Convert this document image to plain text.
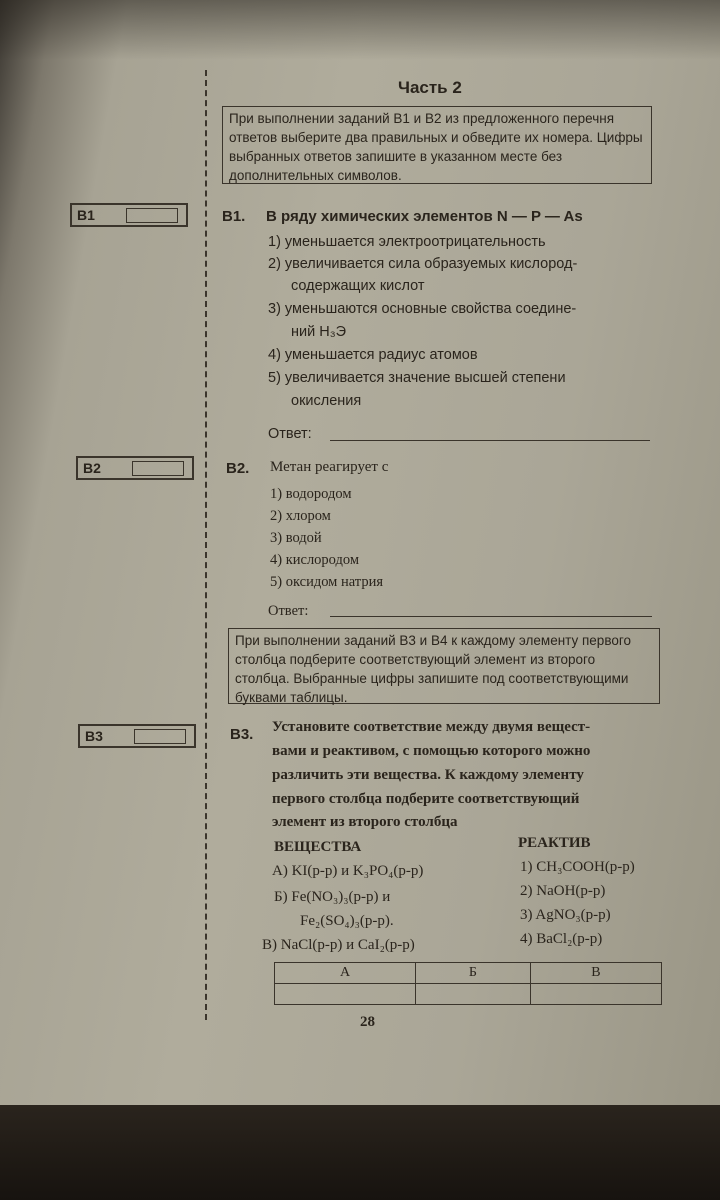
Часть 2
При выполнении заданий В1 и В2 из предложенного перечня ответов выберите два правильных и обведите их номера. Цифры выбранных ответов запишите в указанном месте без дополнительных символов.
B1	B1. В ряду химических элементов N — P — As
1) уменьшается электроотрицательность
2) увеличивается сила образуемых кислород-
содержащих кислот
3) уменьшаются основные свойства соедине-
ний H₃Э
4) уменьшается радиус атомов
5) увеличивается значение высшей степени
окисления
Ответ:
B2	B2. Метан реагирует с
1) водородом
2) хлором
3) водой
4) кислородом
5) оксидом натрия
Ответ:
При выполнении заданий В3 и В4 к каждому элементу первого столбца подберите соответствующий элемент из второго столбца. Выбранные цифры запишите под соответствующими буквами таблицы.
B3	B3. Установите соответствие между двумя вещест-
вами и реактивом, с помощью которого можно
различить эти вещества. К каждому элементу
первого столбца подберите соответствующий
элемент из второго столбца
ВЕЩЕСТВА	РЕАКТИВ
А) KI(р-р) и K₃PO₄(р-р)
Б) Fe(NO₃)₃(р-р) и
Fe₂(SO₄)₃(р-р).
В) NaCl(р-р) и CaI₂(р-р)
1) CH₃COOH(р-р)
2) NaOH(р-р)
3) AgNO₃(р-р)
4) BaCl₂(р-р)
А	Б	В

28
